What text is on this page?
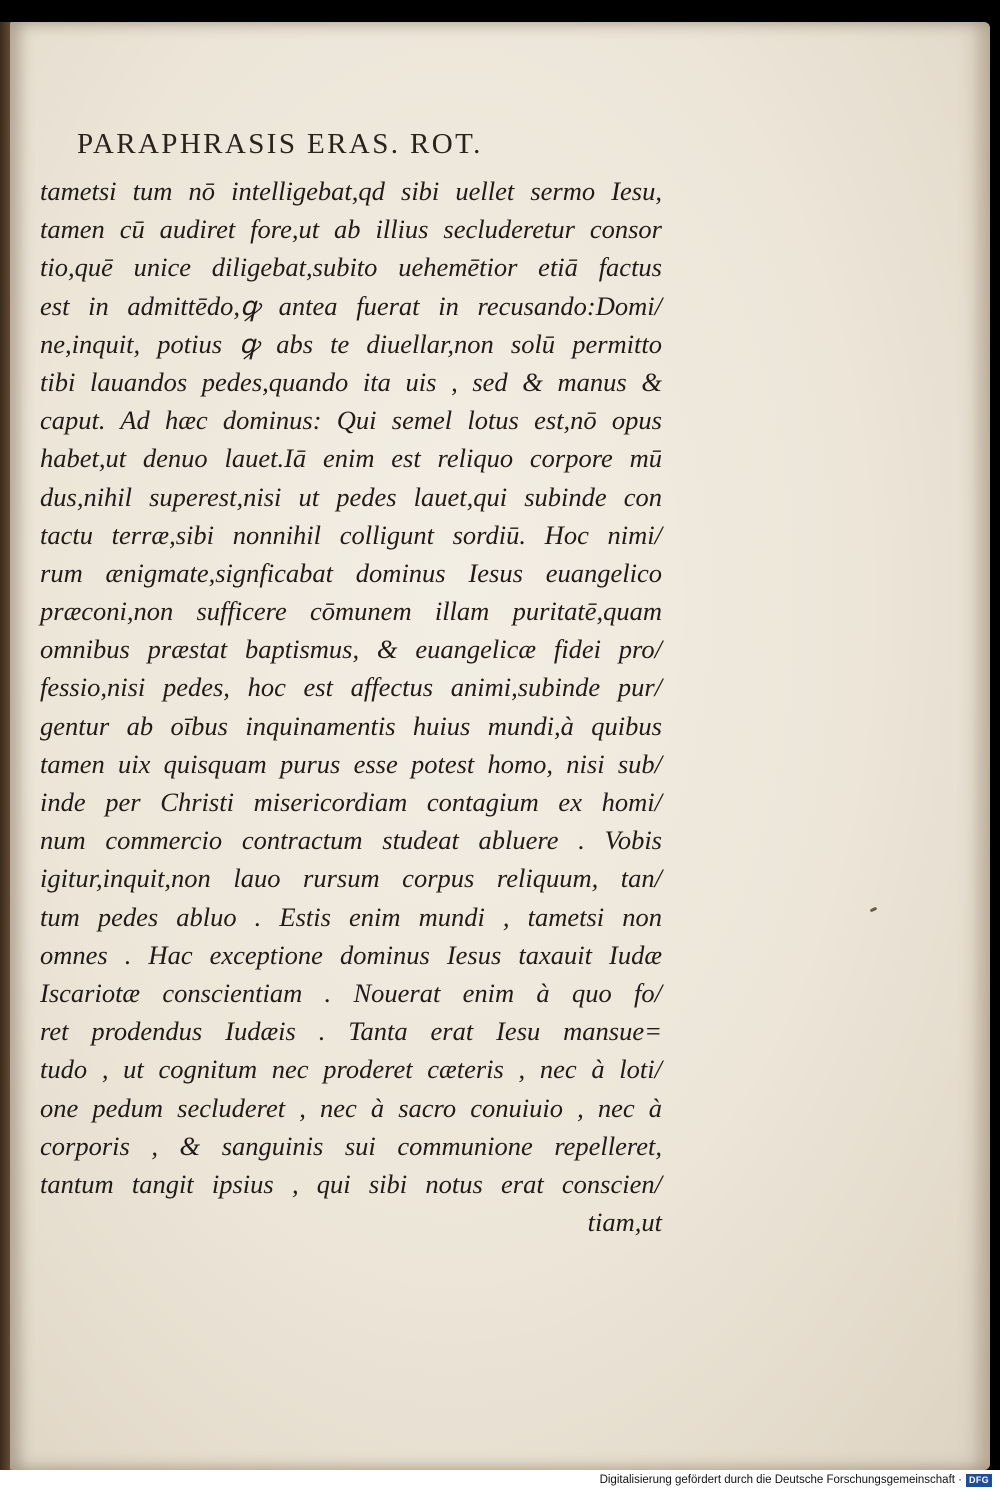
PARAPHRASIS ERAS. ROT.
tametsi tum nō intelligebat,qd sibi uellet sermo Iesu,
tamen cū audiret fore,ut ab illius secluderetur consor
tio,quē unice diligebat,subito uehemētior etiā factus
est in admittēdo,ꝙ antea fuerat in recusando:Domi/
ne,inquit, potius ꝙ abs te diuellar,non solū permitto
tibi lauandos pedes,quando ita uis , sed & manus &
caput. Ad hæc dominus: Qui semel lotus est,nō opus
habet,ut denuo lauet.Iā enim est reliquo corpore mū
dus,nihil superest,nisi ut pedes lauet,qui subinde con
tactu terræ,sibi nonnihil colligunt sordiū. Hoc nimi/
rum ænigmate,signficabat dominus Iesus euangelico
præconi,non sufficere cōmunem illam puritatē,quam
omnibus præstat baptismus, & euangelicæ fidei pro/
fessio,nisi pedes, hoc est affectus animi,subinde pur/
gentur ab oībus inquinamentis huius mundi,à quibus
tamen uix quisquam purus esse potest homo, nisi sub/
inde per Christi misericordiam contagium ex homi/
num commercio contractum studeat abluere . Vobis
igitur,inquit,non lauo rursum corpus reliquum, tan/
tum pedes abluo . Estis enim mundi , tametsi non
omnes . Hac exceptione dominus Iesus taxauit Iudæ
Iscariotæ conscientiam . Nouerat enim à quo fo/
ret prodendus Iudæis . Tanta erat Iesu mansue=
tudo , ut cognitum nec proderet cæteris , nec à loti/
one pedum secluderet , nec à sacro conuiuio , nec à
corporis , & sanguinis sui communione repelleret,
tantum tangit ipsius , qui sibi notus erat conscien/
tiam,ut
Digitalisierung gefördert durch die Deutsche Forschungsgemeinschaft · DFG
